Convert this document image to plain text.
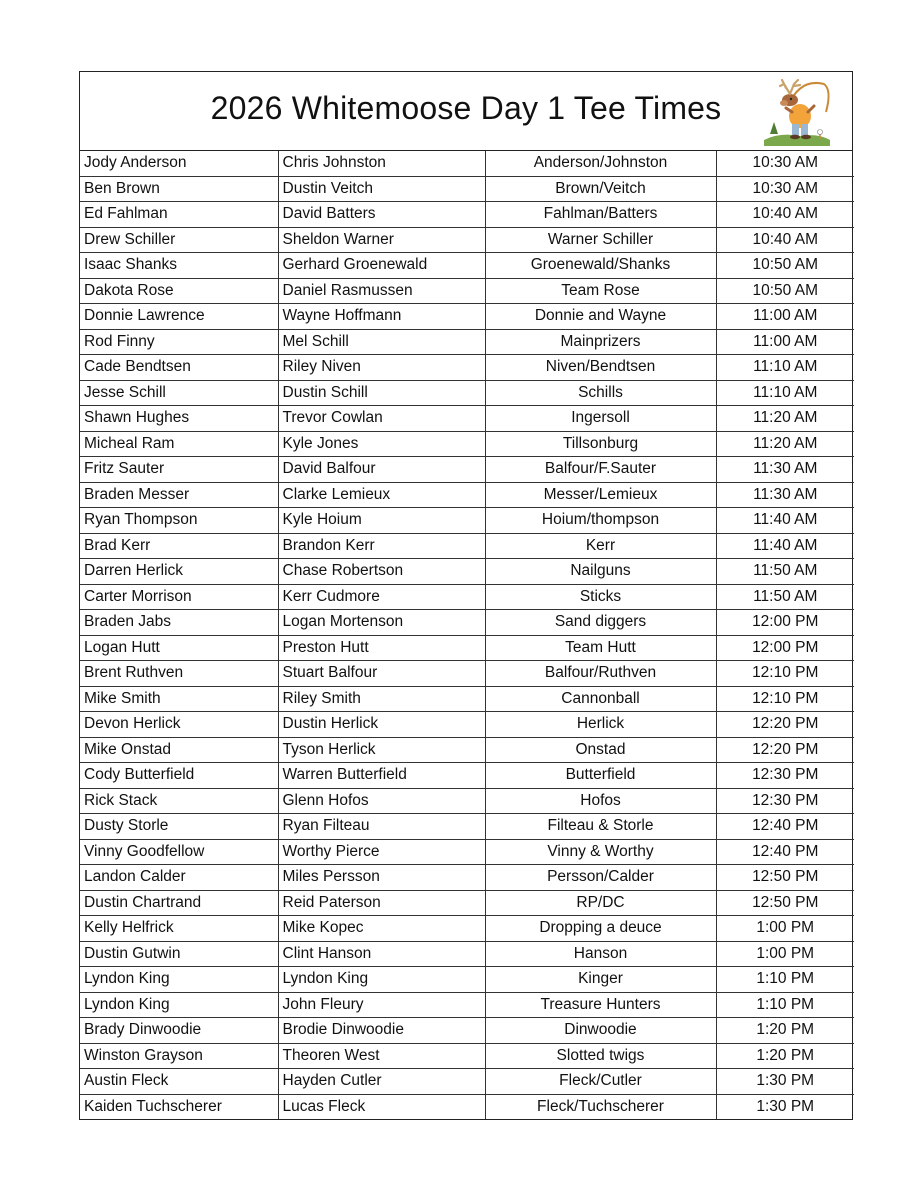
2026 Whitemoose Day 1 Tee Times
Jody Anderson	Chris Johnston	Anderson/Johnston	10:30 AM
Ben Brown	Dustin Veitch	Brown/Veitch	10:30 AM
Ed Fahlman	David Batters	Fahlman/Batters	10:40 AM
Drew Schiller	Sheldon Warner	Warner Schiller	10:40 AM
Isaac Shanks	Gerhard Groenewald	Groenewald/Shanks	10:50 AM
Dakota Rose	Daniel Rasmussen	Team Rose	10:50 AM
Donnie Lawrence	Wayne Hoffmann	Donnie and Wayne	11:00 AM
Rod Finny	Mel Schill	Mainprizers	11:00 AM
Cade Bendtsen	Riley Niven	Niven/Bendtsen	11:10 AM
Jesse Schill	Dustin Schill	Schills	11:10 AM
Shawn Hughes	Trevor Cowlan	Ingersoll	11:20 AM
Micheal Ram	Kyle Jones	Tillsonburg	11:20 AM
Fritz Sauter	David Balfour	Balfour/F.Sauter	11:30 AM
Braden Messer	Clarke Lemieux	Messer/Lemieux	11:30 AM
Ryan Thompson	Kyle Hoium	Hoium/thompson	11:40 AM
Brad Kerr	Brandon Kerr	Kerr	11:40 AM
Darren Herlick	Chase Robertson	Nailguns	11:50 AM
Carter Morrison	Kerr Cudmore	Sticks	11:50 AM
Braden Jabs	Logan Mortenson	Sand diggers	12:00 PM
Logan Hutt	Preston Hutt	Team Hutt	12:00 PM
Brent Ruthven	Stuart Balfour	Balfour/Ruthven	12:10 PM
Mike Smith	Riley Smith	Cannonball	12:10 PM
Devon Herlick	Dustin Herlick	Herlick	12:20 PM
Mike Onstad	Tyson Herlick	Onstad	12:20 PM
Cody Butterfield	Warren Butterfield	Butterfield	12:30 PM
Rick Stack	Glenn Hofos	Hofos	12:30 PM
Dusty Storle	Ryan Filteau	Filteau & Storle	12:40 PM
Vinny Goodfellow	Worthy Pierce	Vinny & Worthy	12:40 PM
Landon Calder	Miles Persson	Persson/Calder	12:50 PM
Dustin Chartrand	Reid Paterson	RP/DC	12:50 PM
Kelly Helfrick	Mike Kopec	Dropping a deuce	1:00 PM
Dustin Gutwin	Clint Hanson	Hanson	1:00 PM
Lyndon King	Lyndon King	Kinger	1:10 PM
Lyndon King	John Fleury	Treasure Hunters	1:10 PM
Brady Dinwoodie	Brodie Dinwoodie	Dinwoodie	1:20 PM
Winston Grayson	Theoren West	Slotted twigs	1:20 PM
Austin Fleck	Hayden Cutler	Fleck/Cutler	1:30 PM
Kaiden Tuchscherer	Lucas Fleck	Fleck/Tuchscherer	1:30 PM
